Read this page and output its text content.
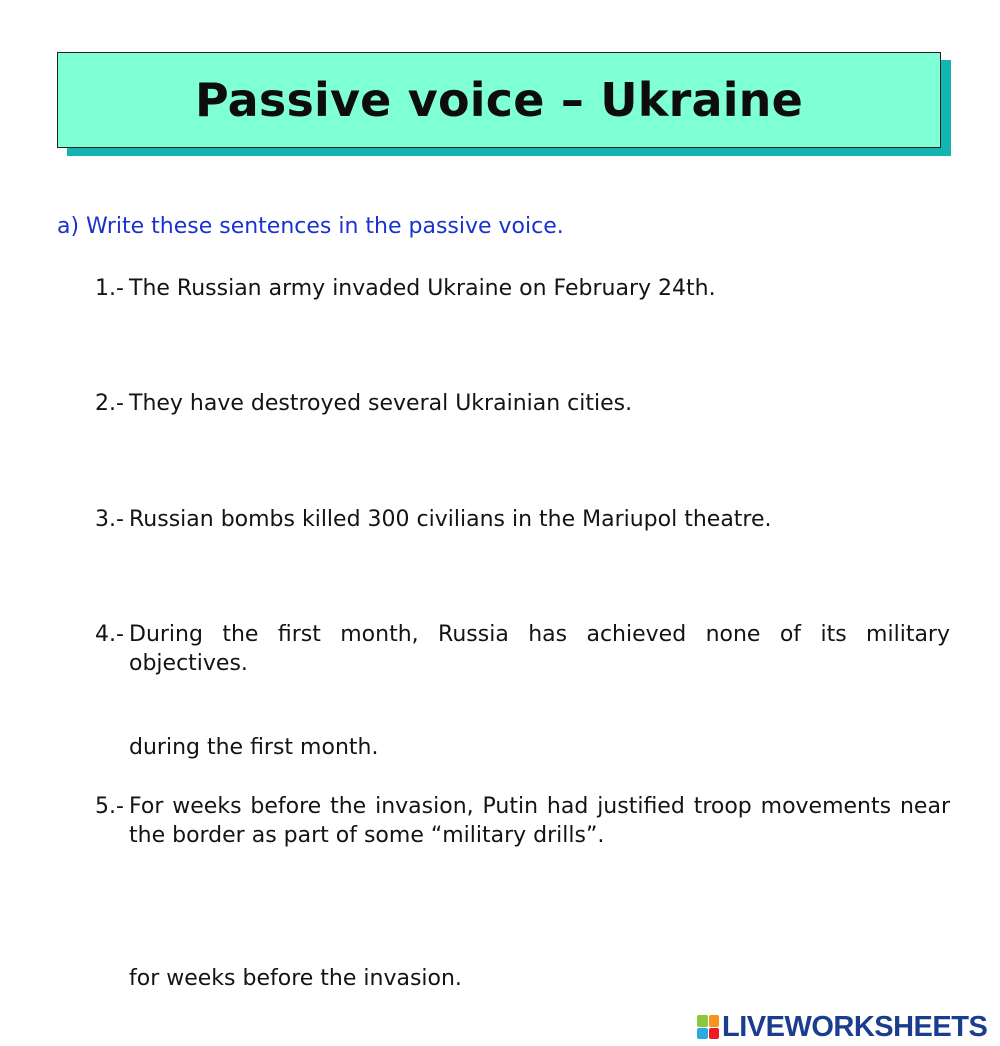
Passive voice – Ukraine
a) Write these sentences in the passive voice.
1.- The Russian army invaded Ukraine on February 24th.
2.- They have destroyed several Ukrainian cities.
3.- Russian bombs killed 300 civilians in the Mariupol theatre.
4.- During the first month, Russia has achieved none of its military objectives.
during the first month.
5.- For weeks before the invasion, Putin had justified troop movements near the border as part of some “military drills”.
for weeks before the invasion.
LIVEWORKSHEETS
